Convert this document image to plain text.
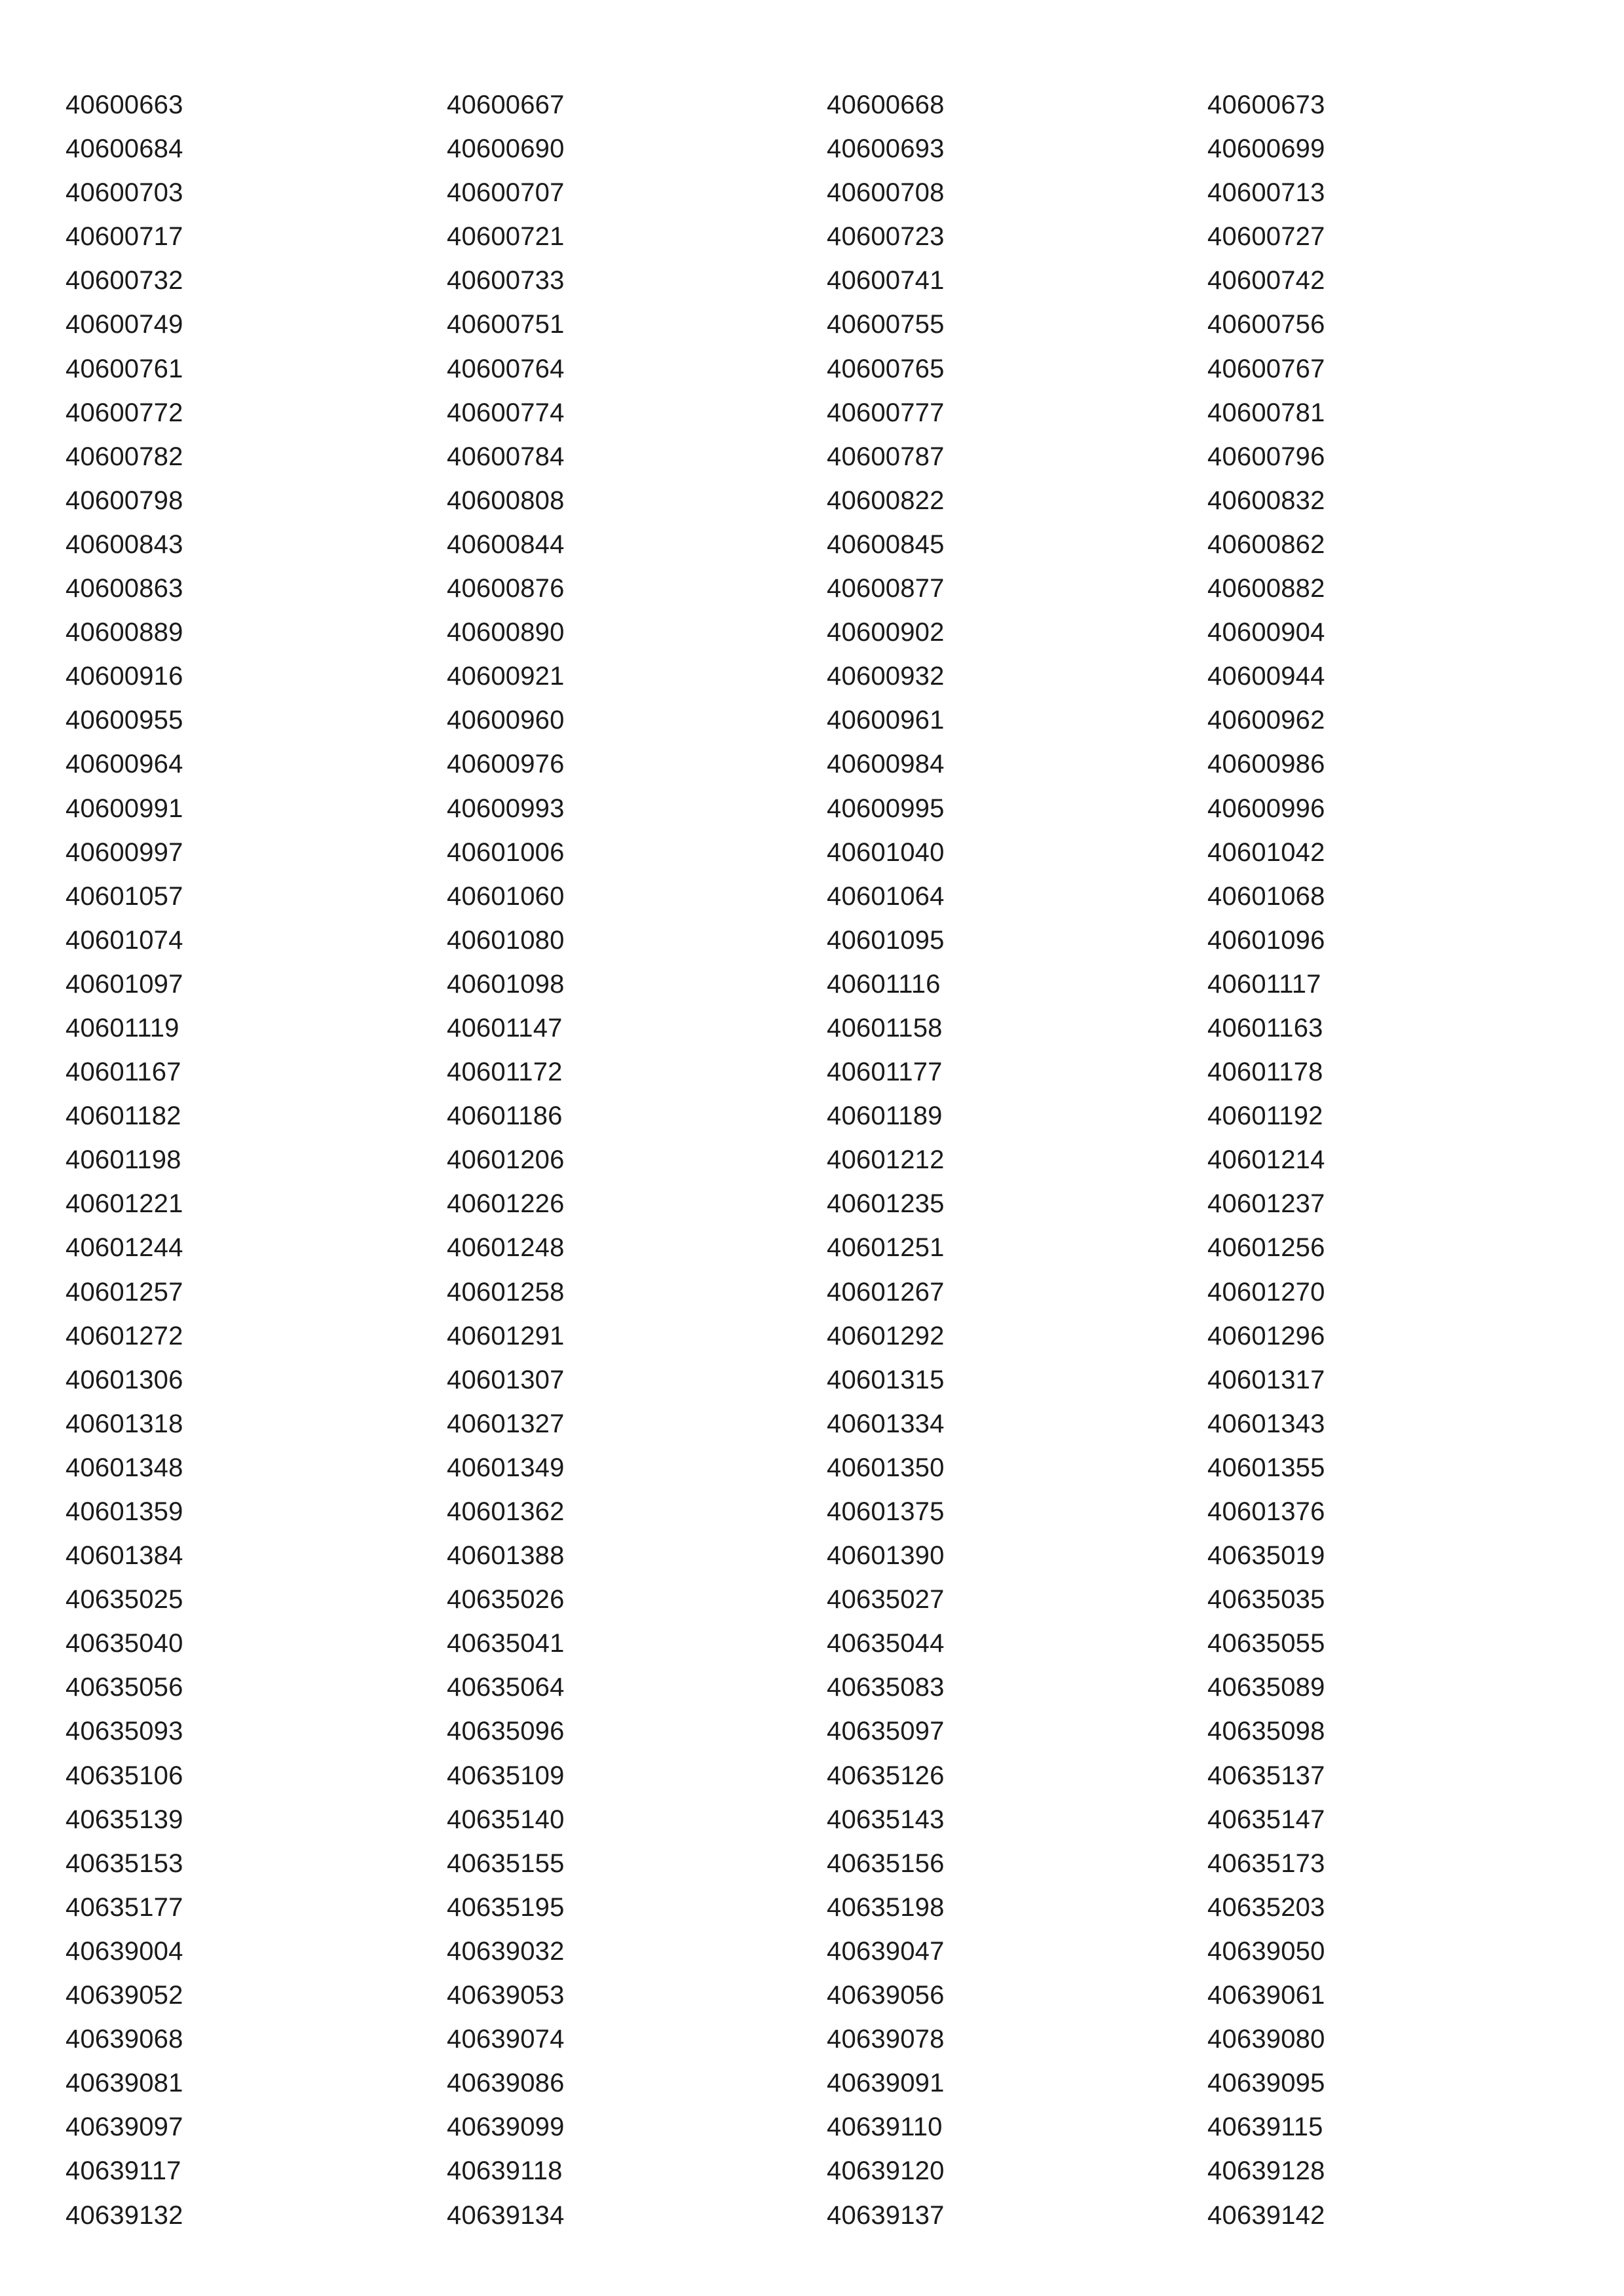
40600663	40600667	40600668	40600673
40600684	40600690	40600693	40600699
40600703	40600707	40600708	40600713
40600717	40600721	40600723	40600727
40600732	40600733	40600741	40600742
40600749	40600751	40600755	40600756
40600761	40600764	40600765	40600767
40600772	40600774	40600777	40600781
40600782	40600784	40600787	40600796
40600798	40600808	40600822	40600832
40600843	40600844	40600845	40600862
40600863	40600876	40600877	40600882
40600889	40600890	40600902	40600904
40600916	40600921	40600932	40600944
40600955	40600960	40600961	40600962
40600964	40600976	40600984	40600986
40600991	40600993	40600995	40600996
40600997	40601006	40601040	40601042
40601057	40601060	40601064	40601068
40601074	40601080	40601095	40601096
40601097	40601098	40601116	40601117
40601119	40601147	40601158	40601163
40601167	40601172	40601177	40601178
40601182	40601186	40601189	40601192
40601198	40601206	40601212	40601214
40601221	40601226	40601235	40601237
40601244	40601248	40601251	40601256
40601257	40601258	40601267	40601270
40601272	40601291	40601292	40601296
40601306	40601307	40601315	40601317
40601318	40601327	40601334	40601343
40601348	40601349	40601350	40601355
40601359	40601362	40601375	40601376
40601384	40601388	40601390	40635019
40635025	40635026	40635027	40635035
40635040	40635041	40635044	40635055
40635056	40635064	40635083	40635089
40635093	40635096	40635097	40635098
40635106	40635109	40635126	40635137
40635139	40635140	40635143	40635147
40635153	40635155	40635156	40635173
40635177	40635195	40635198	40635203
40639004	40639032	40639047	40639050
40639052	40639053	40639056	40639061
40639068	40639074	40639078	40639080
40639081	40639086	40639091	40639095
40639097	40639099	40639110	40639115
40639117	40639118	40639120	40639128
40639132	40639134	40639137	40639142
